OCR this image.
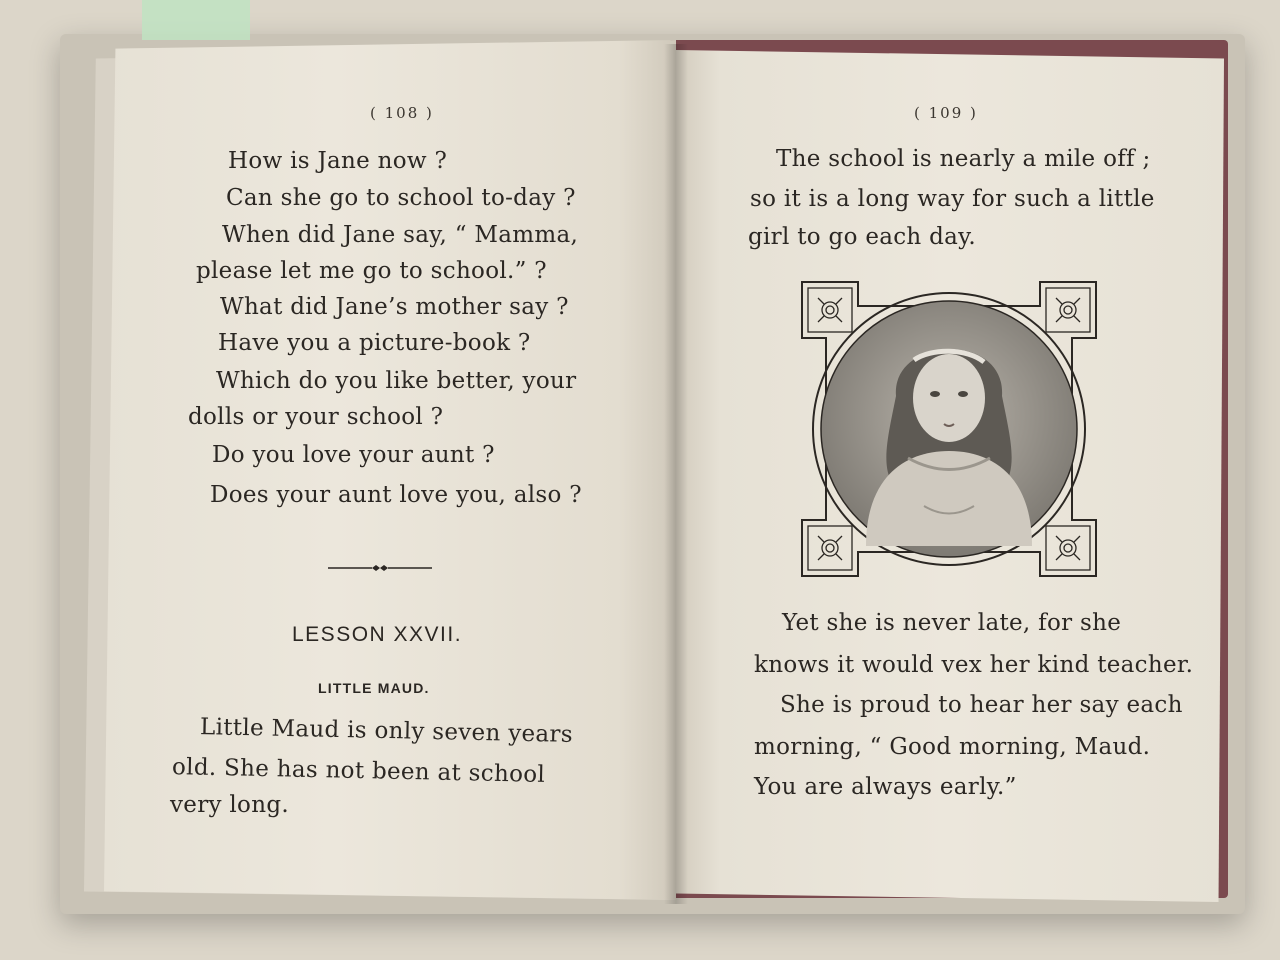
( 108 )
How is Jane now ?
Can she go to school to-day ?
When did Jane say, “ Mamma,
please let me go to school.” ?
What did Jane’s mother say ?
Have you a picture-book ?
Which do you like better, your
dolls or your school ?
Do you love your aunt ?
Does your aunt love you, also ?
LESSON XXVII.
LITTLE MAUD.
Little Maud is only seven years
old. She has not been at school
very long.
( 109 )
The school is nearly a mile off ;
so it is a long way for such a little
girl to go each day.
Yet she is never late, for she
knows it would vex her kind teacher.
She is proud to hear her say each
morning, “ Good morning, Maud.
You are always early.”
